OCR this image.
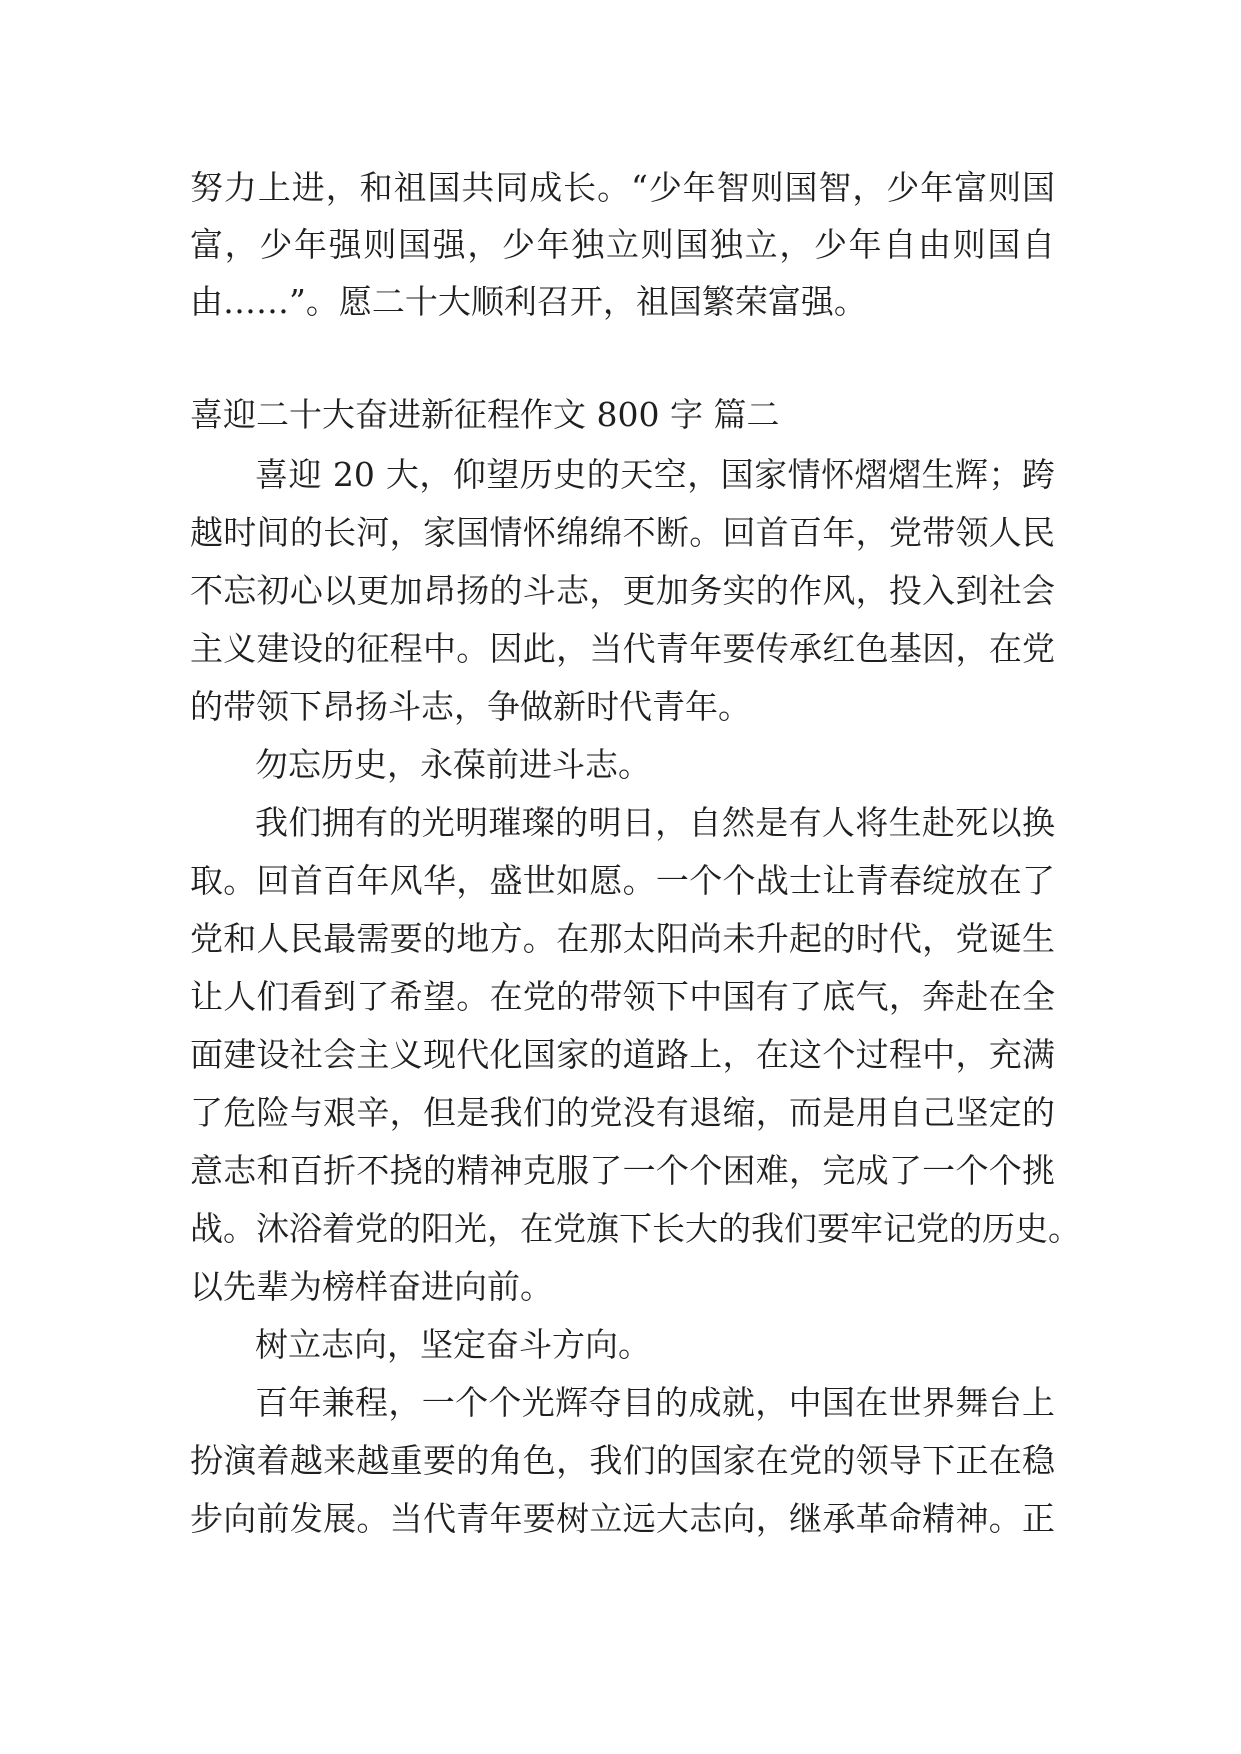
努力上进，和祖国共同成长。“少年智则国智，少年富则国

富，少年强则国强，少年独立则国独立，少年自由则国自

由……”。愿二十大顺利召开，祖国繁荣富强。

喜迎二十大奋进新征程作文 800 字 篇二

喜迎 20 大，仰望历史的天空，国家情怀熠熠生辉；跨

越时间的长河，家国情怀绵绵不断。回首百年，党带领人民

不忘初心以更加昂扬的斗志，更加务实的作风，投入到社会

主义建设的征程中。因此，当代青年要传承红色基因，在党

的带领下昂扬斗志，争做新时代青年。

勿忘历史，永葆前进斗志。

我们拥有的光明璀璨的明日，自然是有人将生赴死以换

取。回首百年风华，盛世如愿。一个个战士让青春绽放在了

党和人民最需要的地方。在那太阳尚未升起的时代，党诞生

让人们看到了希望。在党的带领下中国有了底气，奔赴在全

面建设社会主义现代化国家的道路上，在这个过程中，充满

了危险与艰辛，但是我们的党没有退缩，而是用自己坚定的

意志和百折不挠的精神克服了一个个困难，完成了一个个挑

战。沐浴着党的阳光，在党旗下长大的我们要牢记党的历史。

以先辈为榜样奋进向前。

树立志向，坚定奋斗方向。

百年兼程，一个个光辉夺目的成就，中国在世界舞台上

扮演着越来越重要的角色，我们的国家在党的领导下正在稳

步向前发展。当代青年要树立远大志向，继承革命精神。正
